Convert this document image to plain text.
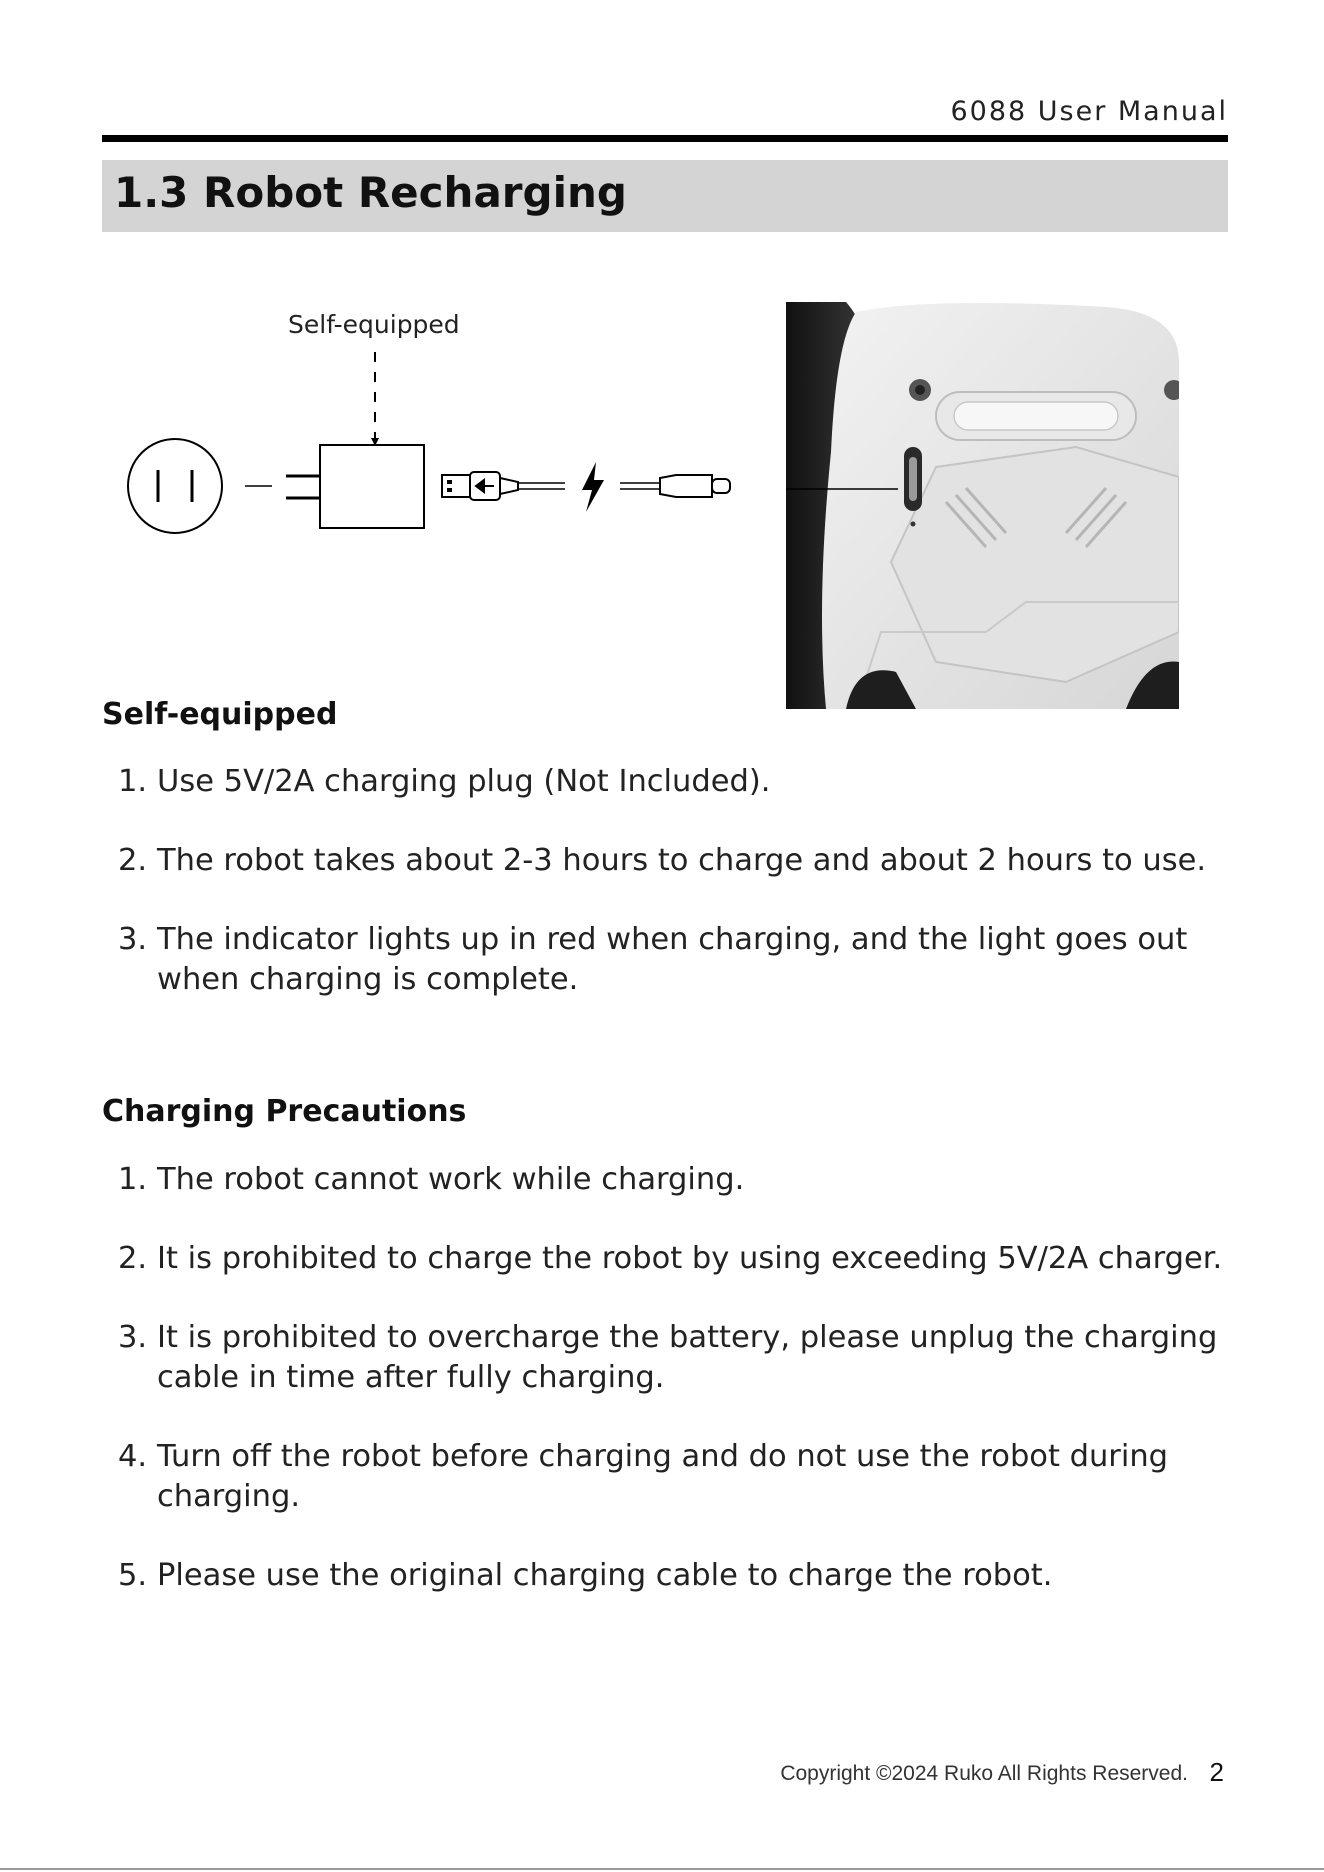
6088 User Manual
1.3 Robot Recharging
Self-equipped
Self-equipped
1. Use 5V/2A charging plug (Not Included).
2. The robot takes about 2-3 hours to charge and about 2 hours to use.
3. The indicator lights up in red when charging, and the light goes out when charging is complete.
Charging Precautions
1. The robot cannot work while charging.
2. It is prohibited to charge the robot by using exceeding 5V/2A charger.
3. It is prohibited to overcharge the battery, please unplug the charging cable in time after fully charging.
4. Turn off the robot before charging and do not use the robot during charging.
5. Please use the original charging cable to charge the robot.
Copyright ©2024 Ruko All Rights Reserved. 2
